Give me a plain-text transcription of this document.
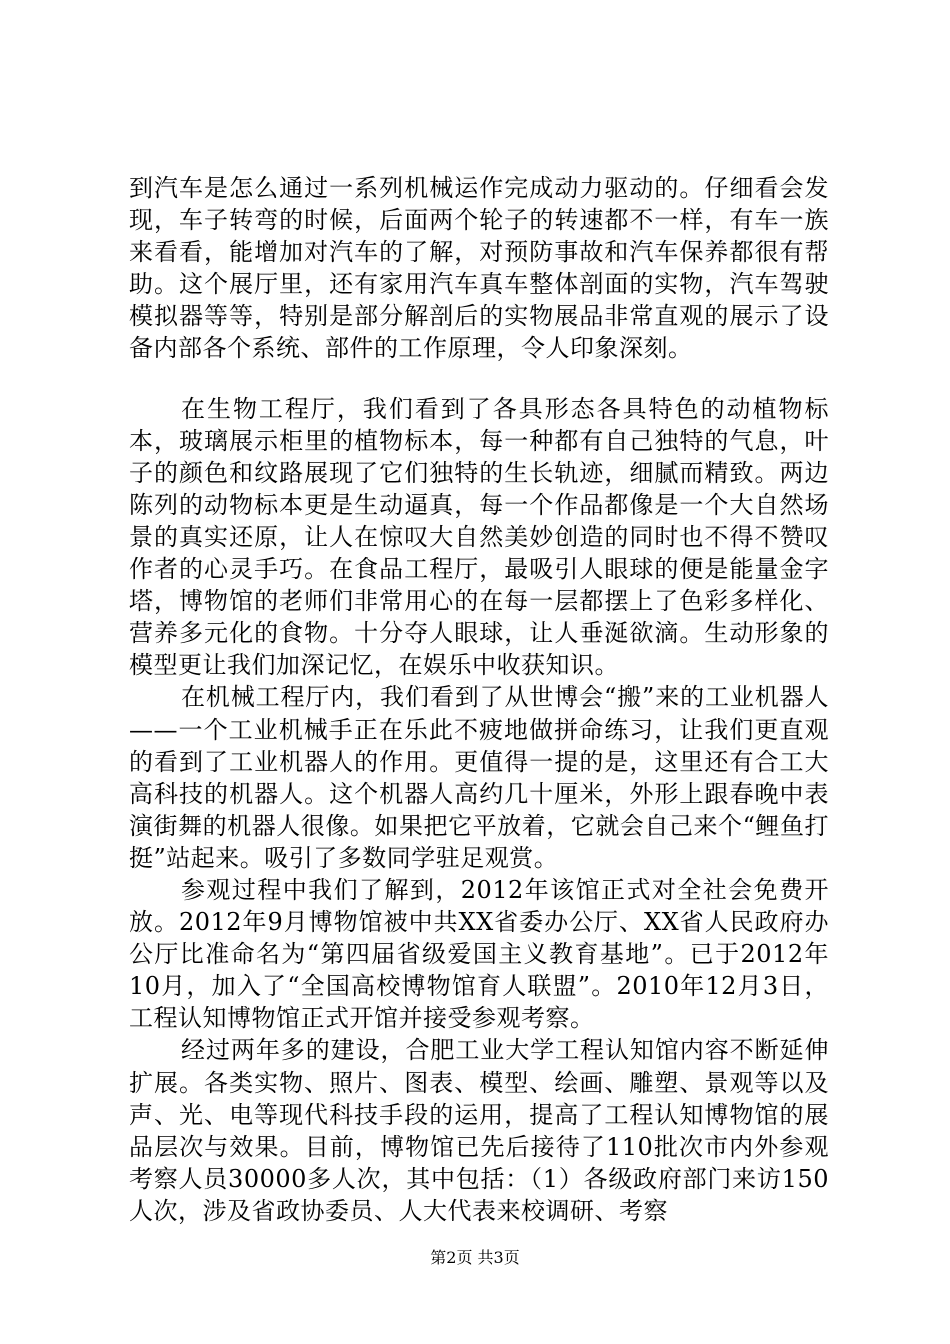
到汽车是怎么通过一系列机械运作完成动力驱动的。仔细看会发现，车子转弯的时候，后面两个轮子的转速都不一样，有车一族来看看，能增加对汽车的了解，对预防事故和汽车保养都很有帮助。这个展厅里，还有家用汽车真车整体剖面的实物，汽车驾驶模拟器等等，特别是部分解剖后的实物展品非常直观的展示了设备内部各个系统、部件的工作原理，令人印象深刻。

在生物工程厅，我们看到了各具形态各具特色的动植物标本，玻璃展示柜里的植物标本，每一种都有自己独特的气息，叶子的颜色和纹路展现了它们独特的生长轨迹，细腻而精致。两边陈列的动物标本更是生动逼真，每一个作品都像是一个大自然场景的真实还原，让人在惊叹大自然美妙创造的同时也不得不赞叹作者的心灵手巧。在食品工程厅，最吸引人眼球的便是能量金字塔，博物馆的老师们非常用心的在每一层都摆上了色彩多样化、营养多元化的食物。十分夺人眼球，让人垂涎欲滴。生动形象的模型更让我们加深记忆，在娱乐中收获知识。

在机械工程厅内，我们看到了从世博会“搬”来的工业机器人——一个工业机械手正在乐此不疲地做拼命练习，让我们更直观的看到了工业机器人的作用。更值得一提的是，这里还有合工大高科技的机器人。这个机器人高约几十厘米，外形上跟春晚中表演街舞的机器人很像。如果把它平放着，它就会自己来个“鲤鱼打挺”站起来。吸引了多数同学驻足观赏。

参观过程中我们了解到，2012年该馆正式对全社会免费开放。2012年9月博物馆被中共XX省委办公厅、XX省人民政府办公厅比准命名为“第四届省级爱国主义教育基地”。已于2012年10月，加入了“全国高校博物馆育人联盟”。2010年12月3日，工程认知博物馆正式开馆并接受参观考察。

经过两年多的建设，合肥工业大学工程认知馆内容不断延伸扩展。各类实物、照片、图表、模型、绘画、雕塑、景观等以及声、光、电等现代科技手段的运用，提高了工程认知博物馆的展品层次与效果。目前，博物馆已先后接待了110批次市内外参观考察人员30000多人次，其中包括：（1）各级政府部门来访150人次，涉及省政协委员、人大代表来校调研、考察

第2页 共3页
